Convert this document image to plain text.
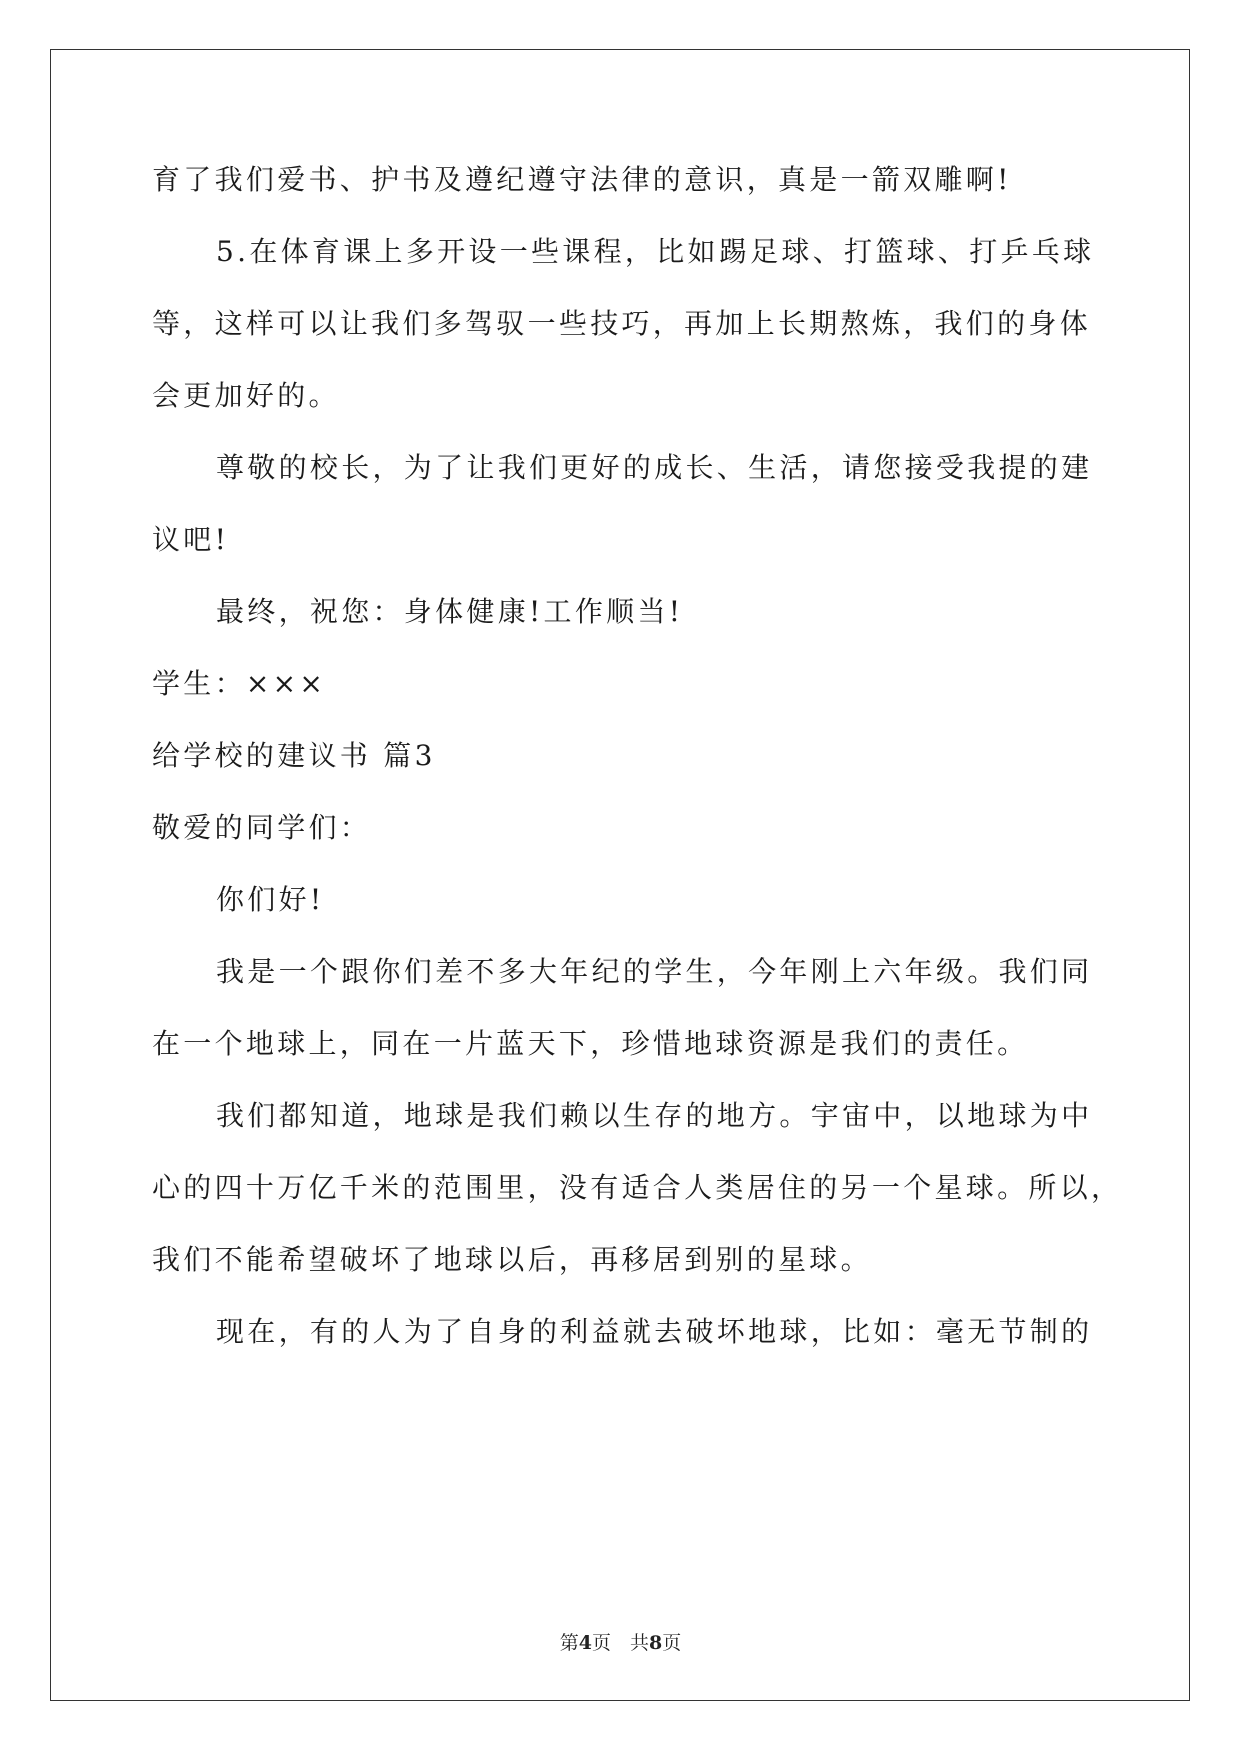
育了我们爱书、护书及遵纪遵守法律的意识，真是一箭双雕啊!
5.在体育课上多开设一些课程，比如踢足球、打篮球、打乒乓球
等，这样可以让我们多驾驭一些技巧，再加上长期熬炼，我们的身体
会更加好的。
尊敬的校长，为了让我们更好的成长、生活，请您接受我提的建
议吧!
最终，祝您：身体健康!工作顺当!
学生：×××
给学校的建议书 篇3
敬爱的同学们：
你们好!
我是一个跟你们差不多大年纪的学生，今年刚上六年级。我们同
在一个地球上，同在一片蓝天下，珍惜地球资源是我们的责任。
我们都知道，地球是我们赖以生存的地方。宇宙中，以地球为中
心的四十万亿千米的范围里，没有适合人类居住的另一个星球。所以，
我们不能希望破坏了地球以后，再移居到别的星球。
现在，有的人为了自身的利益就去破坏地球，比如：毫无节制的
第4页　共8页
